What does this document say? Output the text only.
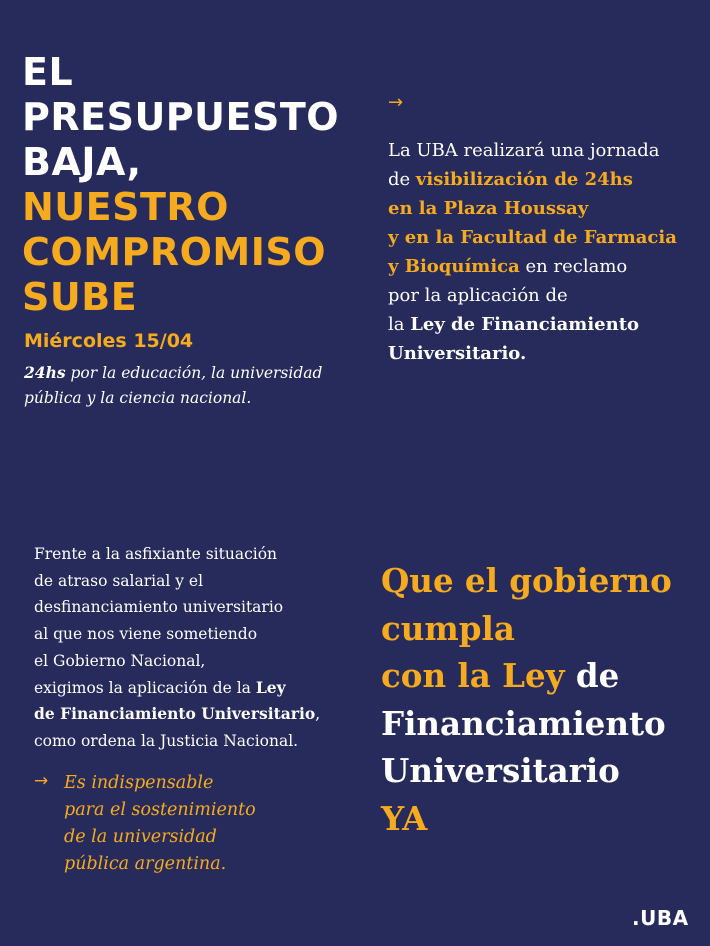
EL
PRESUPUESTO
BAJA,
NUESTRO
COMPROMISO
SUBE
Miércoles 15/04
24hs por la educación, la universidad
pública y la ciencia nacional.
→
La UBA realizará una jornada
de visibilización de 24hs
en la Plaza Houssay
y en la Facultad de Farmacia
y Bioquímica en reclamo
por la aplicación de
la Ley de Financiamiento
Universitario.
Frente a la asfixiante situación
de atraso salarial y el
desfinanciamiento universitario
al que nos viene sometiendo
el Gobierno Nacional,
exigimos la aplicación de la Ley
de Financiamiento Universitario,
como ordena la Justicia Nacional.
→ Es indispensable
para el sostenimiento
de la universidad
pública argentina.
Que el gobierno
cumpla
con la Ley de
Financiamiento
Universitario
YA
.UBA
